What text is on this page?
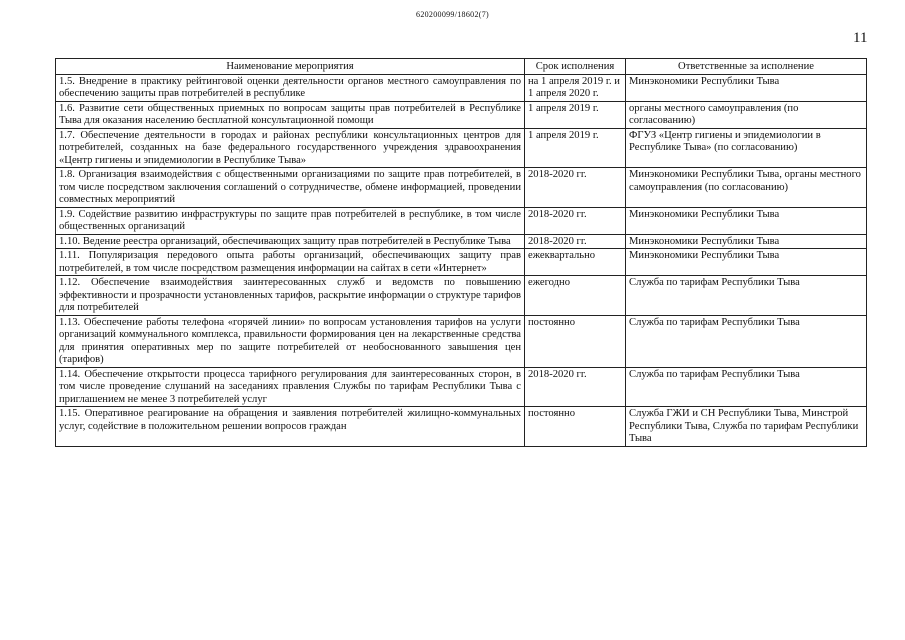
620200099/18602(7)
11
Наименование мероприятия	Срок исполнения	Ответственные за исполнение
1.5. Внедрение в практику рейтинговой оценки деятельности органов местного самоуправления по обеспечению защиты прав потребителей в республике	на 1 апреля 2019 г. и 1 апреля 2020 г.	Минэкономики Республики Тыва
1.6. Развитие сети общественных приемных по вопросам защиты прав потребителей в Республике Тыва для оказания населению бесплатной консультационной помощи	1 апреля 2019 г.	органы местного самоуправления (по согласованию)
1.7. Обеспечение деятельности в городах и районах республики консультационных центров для потребителей, созданных на базе федерального государственного учреждения здравоохранения «Центр гигиены и эпидемиологии в Республике Тыва»	1 апреля 2019 г.	ФГУЗ «Центр гигиены и эпидемиологии в Республике Тыва» (по согласованию)
1.8. Организация взаимодействия с общественными организациями по защите прав потребителей, в том числе посредством заключения соглашений о сотрудничестве, обмене информацией, проведении совместных мероприятий	2018-2020 гг.	Минэкономики Республики Тыва, органы местного самоуправления (по согласованию)
1.9. Содействие развитию инфраструктуры по защите прав потребителей в республике, в том числе общественных организаций	2018-2020 гг.	Минэкономики Республики Тыва
1.10. Ведение реестра организаций, обеспечивающих защиту прав потребителей в Республике Тыва	2018-2020 гг.	Минэкономики Республики Тыва
1.11. Популяризация передового опыта работы организаций, обеспечивающих защиту прав потребителей, в том числе посредством размещения информации на сайтах в сети «Интернет»	ежеквартально	Минэкономики Республики Тыва
1.12. Обеспечение взаимодействия заинтересованных служб и ведомств по повышению эффективности и прозрачности установленных тарифов, раскрытие информации о структуре тарифов для потребителей	ежегодно	Служба по тарифам Республики Тыва
1.13. Обеспечение работы телефона «горячей линии» по вопросам установления тарифов на услуги организаций коммунального комплекса, правильности формирования цен на лекарственные средства для принятия оперативных мер по защите потребителей от необоснованного завышения цен (тарифов)	постоянно	Служба по тарифам Республики Тыва
1.14. Обеспечение открытости процесса тарифного регулирования для заинтересованных сторон, в том числе проведение слушаний на заседаниях правления Службы по тарифам Республики Тыва с приглашением не менее 3 потребителей услуг	2018-2020 гг.	Служба по тарифам Республики Тыва
1.15. Оперативное реагирование на обращения и заявления потребителей жилищно-коммунальных услуг, содействие в положительном решении вопросов граждан	постоянно	Служба ГЖИ и СН Республики Тыва, Минстрой Республики Тыва, Служба по тарифам Республики Тыва
